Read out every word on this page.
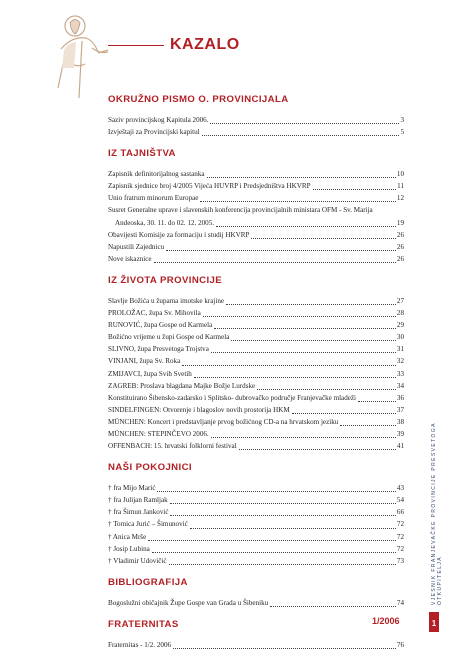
KAZALO
OKRUŽNO PISMO O. PROVINCIJALA
Saziv provincijskog Kapitula 2006.	3
Izvještaji za Provincijski kapitul	5
IZ TAJNIŠTVA
Zapisnik definitorijalnog sastanka	10
Zapisnik sjednice broj 4/2005 Vijeća HUVRP i Predsjedništva HKVRP	11
Unio fratrum minorum Europae	12
Susret Generalne uprave i slavenskih konferencija provincijalnih ministara OFM - Sv. Marija
Andeoska, 30. 11. do 02. 12. 2005.	19
Obavijesti Komisije za formaciju i studij HKVRP	26
Napustili Zajednicu	26
Nove iskaznice	26
IZ ŽIVOTA PROVINCIJE
Slavlje Božića u župama imotske krajine	27
PROLOŽAC, župa Sv. Mihovila	28
RUNOVIĆ, župa Gospe od Karmela	29
Božićno vrijeme u župi Gospe od Karmela	30
SLIVNO, župa Presvetoga Trojstva	31
VINJANI, župa Sv. Roka	32
ZMIJAVCI, župa Svih Svetih	33
ZAGREB: Proslava blagdana Majke Božje Lurdske	34
Konstituirano Šibensko-zadarsko i Splitsko- dubrovačko područje Franjevačke mladeži	36
SINDELFINGEN: Otvorenje i blagoslov novih prostorija HKM	37
MÜNCHEN: Koncert i predstavljanje prvog božićnog CD-a na hrvatskom jeziku	38
MÜNCHEN: STEPINČEVO 2006.	39
OFFENBACH: 15. hrvatski folklorni festival	41
NAŠI POKOJNICI
† fra Mijo Marić	43
† fra Julijan Ramljak	54
† fra Šimun Janković	66
† Tomica Jurić – Šimunović	72
† Anica Mrše	72
† Josip Lubina	72
† Vladimir Udovičić	73
BIBLIOGRAFIJA
Bogoslužni običajnik Župe Gospe van Grada u Šibeniku	74
FRATERNITAS
Fraternitas - 1/2. 2006	76
VJESNIK FRANJEVAČKE PROVINCIJE PRESVETOGA OTKUPITELJA
1/2006	1
